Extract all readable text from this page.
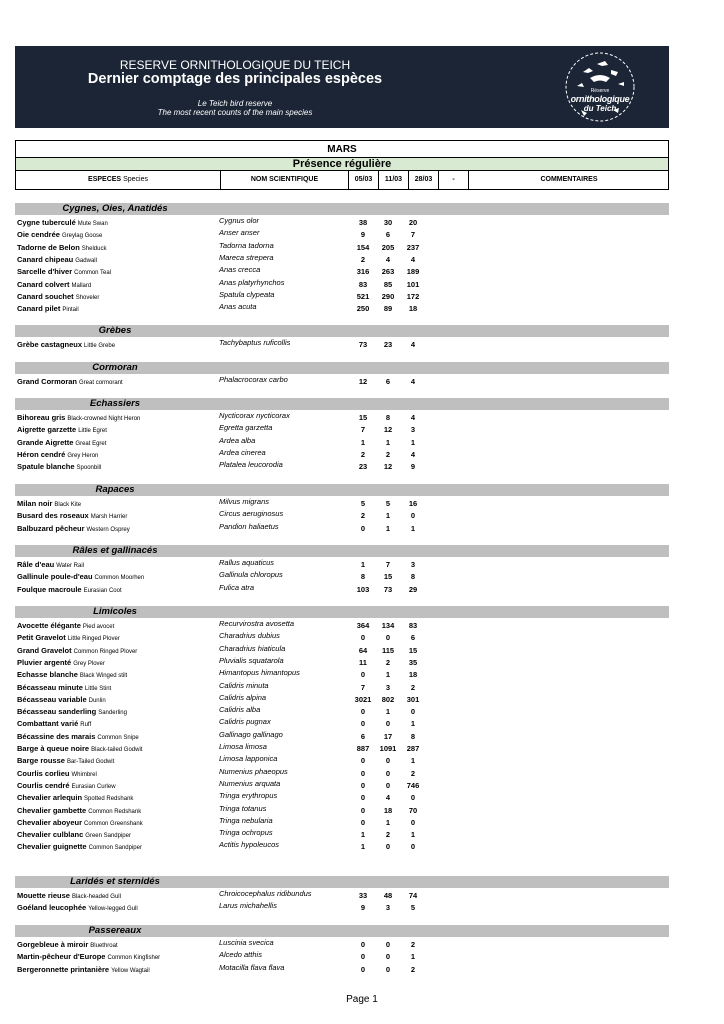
RESERVE ORNITHOLOGIQUE DU TEICH
Dernier comptage des principales espèces
Le Teich bird reserve
The most recent counts of the main species
Réserve
ornithologique
du Teich
MARS
Présence régulière
ESPECES Species	NOM SCIENTIFIQUE	05/03	11/03	28/03	-	COMMENTAIRES
Cygnes, Oies, Anatidés
Cygne tuberculé Mute Swan	Cygnus olor	38	30	20
Oie cendrée Greylag Goose	Anser anser	9	6	7
Tadorne de Belon Shelduck	Tadorna tadorna	154	205	237
Canard chipeau Gadwall	Mareca strepera	2	4	4
Sarcelle d'hiver Common Teal	Anas crecca	316	263	189
Canard colvert Mallard	Anas platyrhynchos	83	85	101
Canard souchet Shoveler	Spatula clypeata	521	290	172
Canard pilet Pintail	Anas acuta	250	89	18
Grèbes
Grèbe castagneux Little Grebe	Tachybaptus ruficollis	73	23	4
Cormoran
Grand Cormoran Great cormorant	Phalacrocorax carbo	12	6	4
Echassiers
Bihoreau gris Black-crowned Night Heron	Nycticorax nycticorax	15	8	4
Aigrette garzette Little Egret	Egretta garzetta	7	12	3
Grande Aigrette Great Egret	Ardea alba	1	1	1
Héron cendré Grey Heron	Ardea cinerea	2	2	4
Spatule blanche Spoonbill	Platalea leucorodia	23	12	9
Rapaces
Milan noir Black Kite	Milvus migrans	5	5	16
Busard des roseaux Marsh Harrier	Circus aeruginosus	2	1	0
Balbuzard pêcheur Western Osprey	Pandion haliaetus	0	1	1
Râles et gallinacés
Râle d'eau Water Rail	Rallus aquaticus	1	7	3
Gallinule poule-d'eau Common Moorhen	Gallinula chloropus	8	15	8
Foulque macroule Eurasian Coot	Fulica atra	103	73	29
Limicoles
Avocette élégante Pied avocet	Recurvirostra avosetta	364	134	83
Petit Gravelot Little Ringed Plover	Charadrius dubius	0	0	6
Grand Gravelot Common Ringed Plover	Charadrius hiaticula	64	115	15
Pluvier argenté Grey Plover	Pluvialis squatarola	11	2	35
Echasse blanche Black Winged stilt	Himantopus himantopus	0	1	18
Bécasseau minute Little Stint	Calidris minuta	7	3	2
Bécasseau variable Dunlin	Calidris alpina	3021	802	301
Bécasseau sanderling Sanderling	Calidris alba	0	1	0
Combattant varié Ruff	Calidris pugnax	0	0	1
Bécassine des marais Common Snipe	Gallinago gallinago	6	17	8
Barge à queue noire Black-tailed Godwit	Limosa limosa	887	1091	287
Barge rousse Bar-Tailed Godwit	Limosa lapponica	0	0	1
Courlis corlieu Whimbrel	Numenius phaeopus	0	0	2
Courlis cendré Eurasian Curlew	Numenius arquata	0	0	746
Chevalier arlequin Spotted Redshank	Tringa erythropus	0	4	0
Chevalier gambette Common Redshank	Tringa totanus	0	18	70
Chevalier aboyeur Common Greenshank	Tringa nebularia	0	1	0
Chevalier culblanc Green Sandpiper	Tringa ochropus	1	2	1
Chevalier guignette Common Sandpiper	Actitis hypoleucos	1	0	0
Laridés et sternidés
Mouette rieuse Black-headed Gull	Chroicocephalus ridibundus	33	48	74
Goéland leucophée Yellow-legged Gull	Larus michahellis	9	3	5
Passereaux
Gorgebleue à miroir Bluethroat	Luscinia svecica	0	0	2
Martin-pêcheur d'Europe Common Kingfisher	Alcedo atthis	0	0	1
Bergeronnette printanière Yellow Wagtail	Motacilla flava flava	0	0	2
Page 1
